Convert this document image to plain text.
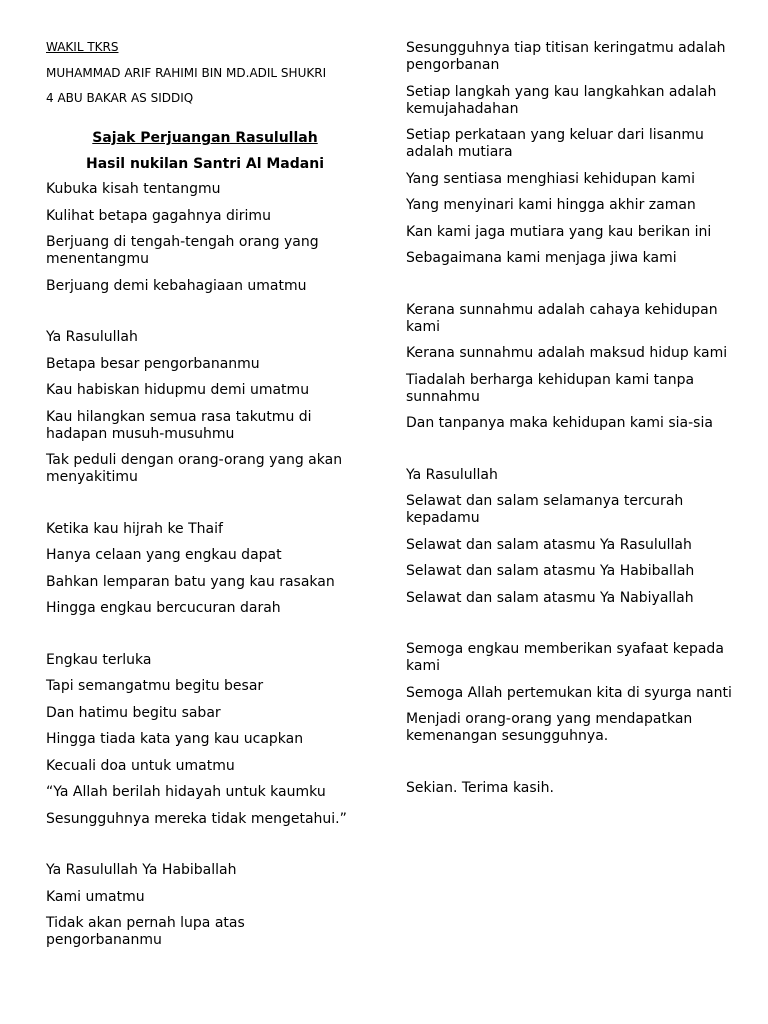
WAKIL TKRS
MUHAMMAD ARIF RAHIMI BIN MD.ADIL SHUKRI
4 ABU BAKAR AS SIDDIQ
Sajak Perjuangan Rasulullah
Hasil nukilan Santri Al Madani
Kubuka kisah tentangmu
Kulihat betapa gagahnya dirimu
Berjuang di tengah-tengah orang yang menentangmu
Berjuang demi kebahagiaan umatmu
Ya Rasulullah
Betapa besar pengorbananmu
Kau habiskan hidupmu demi umatmu
Kau hilangkan semua rasa takutmu di hadapan musuh-musuhmu
Tak peduli dengan orang-orang yang akan menyakitimu
Ketika kau hijrah ke Thaif
Hanya celaan yang engkau dapat
Bahkan lemparan batu yang kau rasakan
Hingga engkau bercucuran darah
Engkau terluka
Tapi semangatmu begitu besar
Dan hatimu begitu sabar
Hingga tiada kata yang kau ucapkan
Kecuali doa untuk umatmu
“Ya Allah berilah hidayah untuk kaumku
Sesungguhnya mereka tidak mengetahui.”
Ya Rasulullah Ya Habiballah
Kami umatmu
Tidak akan pernah lupa atas pengorbananmu
Sesungguhnya tiap titisan keringatmu adalah pengorbanan
Setiap langkah yang kau langkahkan adalah kemujahadahan
Setiap perkataan yang keluar dari lisanmu adalah mutiara
Yang sentiasa menghiasi kehidupan kami
Yang menyinari kami hingga akhir zaman
Kan kami jaga mutiara yang kau berikan ini
Sebagaimana kami menjaga jiwa kami
Kerana sunnahmu adalah cahaya kehidupan kami
Kerana sunnahmu adalah maksud hidup kami
Tiadalah berharga kehidupan kami tanpa sunnahmu
Dan tanpanya maka kehidupan kami sia-sia
Ya Rasulullah
Selawat dan salam selamanya tercurah kepadamu
Selawat dan salam atasmu Ya Rasulullah
Selawat dan salam atasmu Ya Habiballah
Selawat dan salam atasmu Ya Nabiyallah
Semoga engkau memberikan syafaat kepada kami
Semoga Allah pertemukan kita di syurga nanti
Menjadi orang-orang yang mendapatkan kemenangan sesungguhnya.
Sekian. Terima kasih.
